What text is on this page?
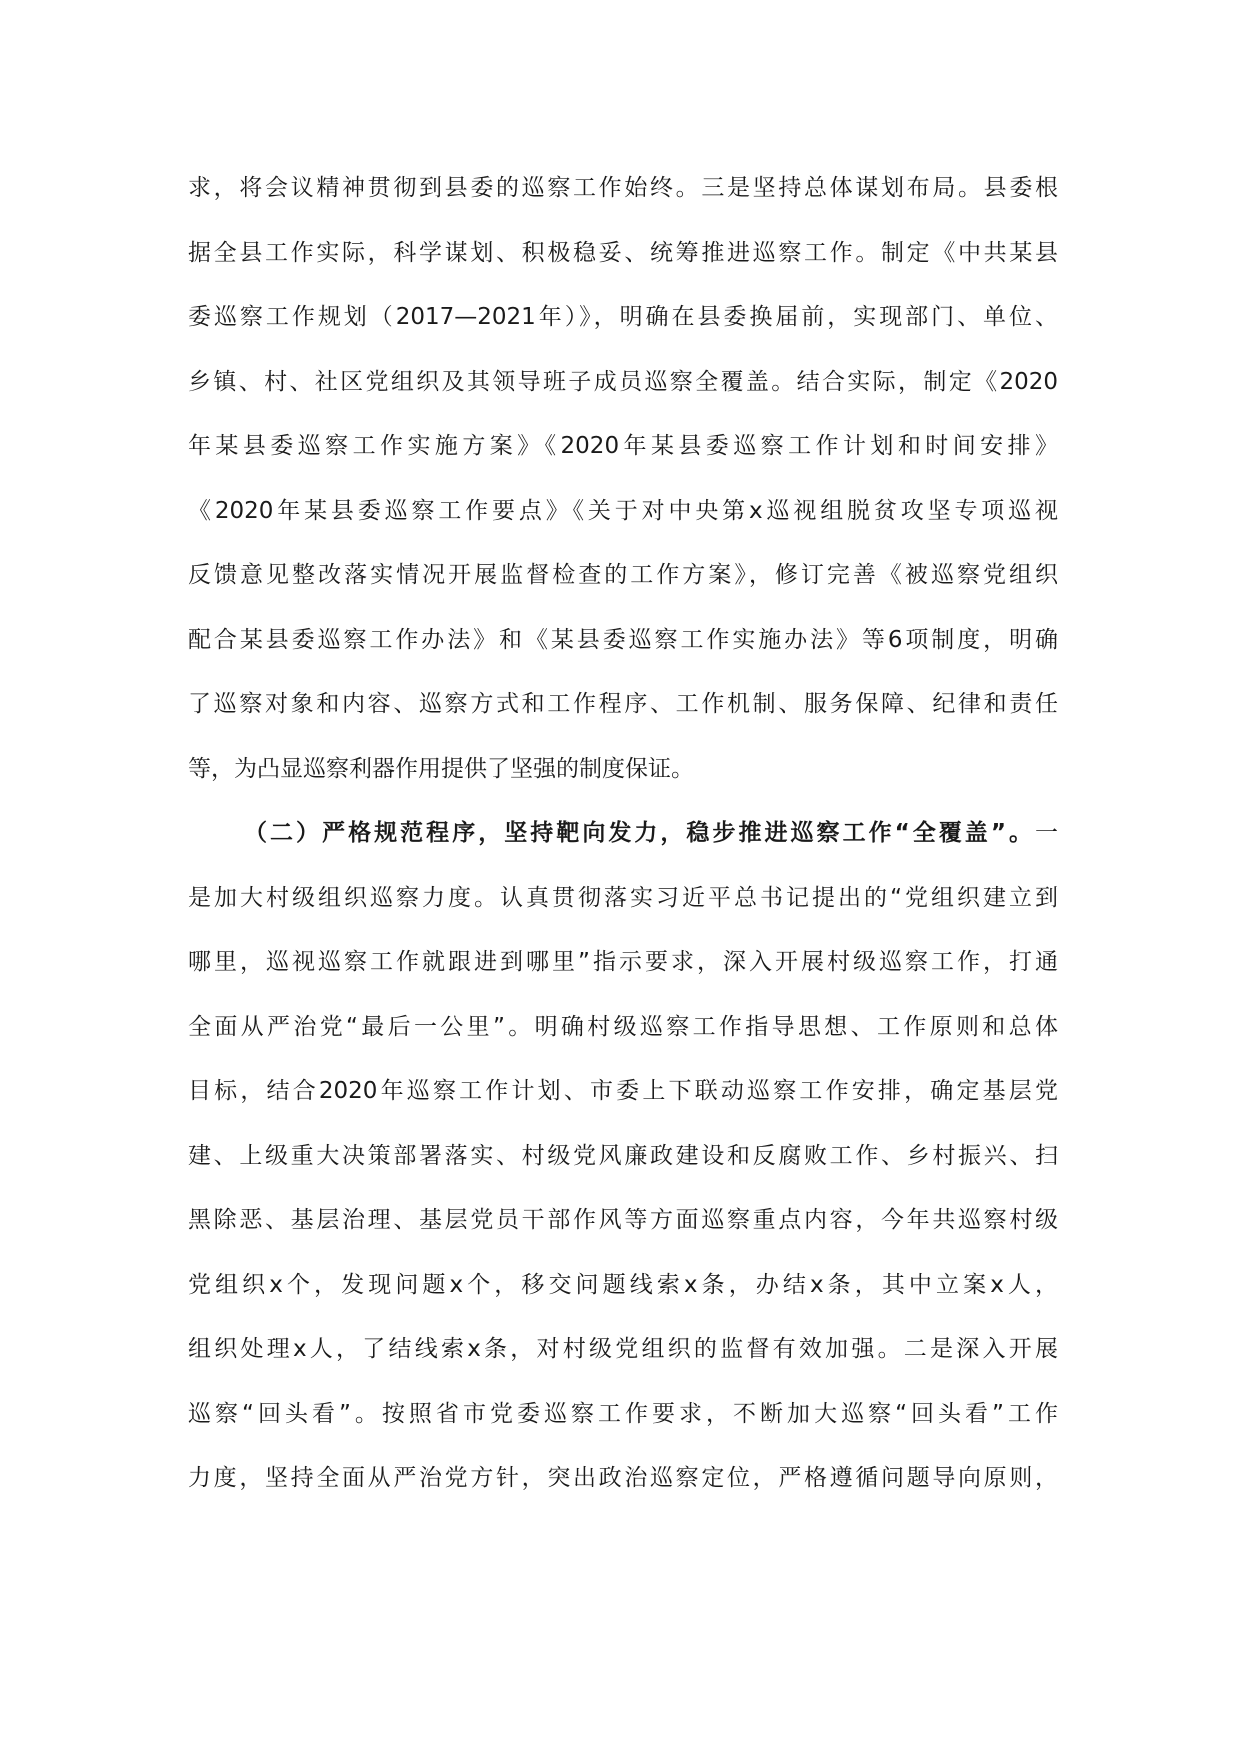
求，将会议精神贯彻到县委的巡察工作始终。三是坚持总体谋划布局。县委根
据全县工作实际，科学谋划、积极稳妥、统筹推进巡察工作。制定《中共某县
委巡察工作规划（2017—2021年）》，明确在县委换届前，实现部门、单位、
乡镇、村、社区党组织及其领导班子成员巡察全覆盖。结合实际，制定《2020
年某县委巡察工作实施方案》《2020年某县委巡察工作计划和时间安排》
《2020年某县委巡察工作要点》《关于对中央第x巡视组脱贫攻坚专项巡视
反馈意见整改落实情况开展监督检查的工作方案》，修订完善《被巡察党组织
配合某县委巡察工作办法》和《某县委巡察工作实施办法》等6项制度，明确
了巡察对象和内容、巡察方式和工作程序、工作机制、服务保障、纪律和责任
等，为凸显巡察利器作用提供了坚强的制度保证。
（二）严格规范程序，坚持靶向发力，稳步推进巡察工作“全覆盖”。一
是加大村级组织巡察力度。认真贯彻落实习近平总书记提出的“党组织建立到
哪里，巡视巡察工作就跟进到哪里”指示要求，深入开展村级巡察工作，打通
全面从严治党“最后一公里”。明确村级巡察工作指导思想、工作原则和总体
目标，结合2020年巡察工作计划、市委上下联动巡察工作安排，确定基层党
建、上级重大决策部署落实、村级党风廉政建设和反腐败工作、乡村振兴、扫
黑除恶、基层治理、基层党员干部作风等方面巡察重点内容，今年共巡察村级
党组织x个，发现问题x个，移交问题线索x条，办结x条，其中立案x人，
组织处理x人，了结线索x条，对村级党组织的监督有效加强。二是深入开展
巡察“回头看”。按照省市党委巡察工作要求，不断加大巡察“回头看”工作
力度，坚持全面从严治党方针，突出政治巡察定位，严格遵循问题导向原则，
